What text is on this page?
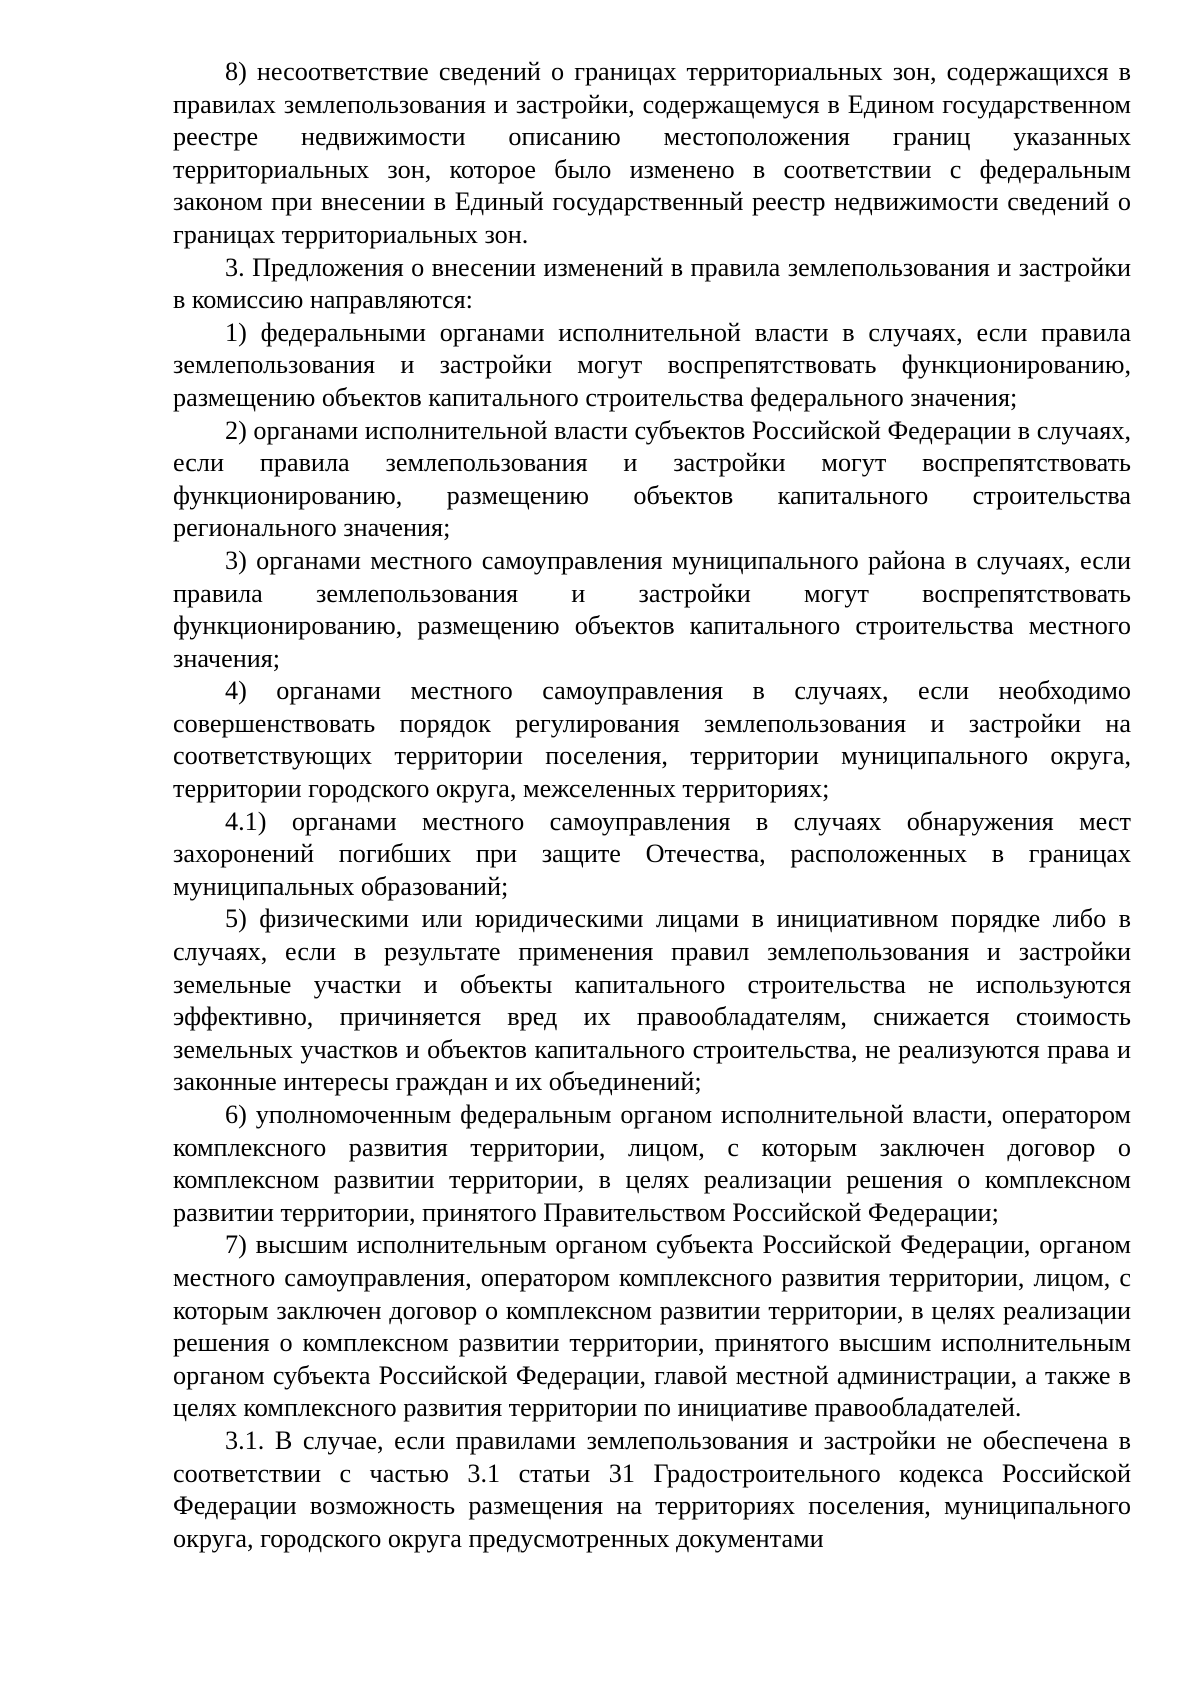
8) несоответствие сведений о границах территориальных зон, содержащихся в правилах землепользования и застройки, содержащемуся в Едином государственном реестре недвижимости описанию местоположения границ указанных территориальных зон, которое было изменено в соответствии с федеральным законом при внесении в Единый государственный реестр недвижимости сведений о границах территориальных зон.

3. Предложения о внесении изменений в правила землепользования и застройки в комиссию направляются:

1) федеральными органами исполнительной власти в случаях, если правила землепользования и застройки могут воспрепятствовать функционированию, размещению объектов капитального строительства федерального значения;

2) органами исполнительной власти субъектов Российской Федерации в случаях, если правила землепользования и застройки могут воспрепятствовать функционированию, размещению объектов капитального строительства регионального значения;

3) органами местного самоуправления муниципального района в случаях, если правила землепользования и застройки могут воспрепятствовать функционированию, размещению объектов капитального строительства местного значения;

4) органами местного самоуправления в случаях, если необходимо совершенствовать порядок регулирования землепользования и застройки на соответствующих территории поселения, территории муниципального округа, территории городского округа, межселенных территориях;

4.1) органами местного самоуправления в случаях обнаружения мест захоронений погибших при защите Отечества, расположенных в границах муниципальных образований;

5) физическими или юридическими лицами в инициативном порядке либо в случаях, если в результате применения правил землепользования и застройки земельные участки и объекты капитального строительства не используются эффективно, причиняется вред их правообладателям, снижается стоимость земельных участков и объектов капитального строительства, не реализуются права и законные интересы граждан и их объединений;

6) уполномоченным федеральным органом исполнительной власти, оператором комплексного развития территории, лицом, с которым заключен договор о комплексном развитии территории, в целях реализации решения о комплексном развитии территории, принятого Правительством Российской Федерации;

7) высшим исполнительным органом субъекта Российской Федерации, органом местного самоуправления, оператором комплексного развития территории, лицом, с которым заключен договор о комплексном развитии территории, в целях реализации решения о комплексном развитии территории, принятого высшим исполнительным органом субъекта Российской Федерации, главой местной администрации, а также в целях комплексного развития территории по инициативе правообладателей.

3.1. В случае, если правилами землепользования и застройки не обеспечена в соответствии с частью 3.1 статьи 31 Градостроительного кодекса Российской Федерации возможность размещения на территориях поселения, муниципального округа, городского округа предусмотренных документами
